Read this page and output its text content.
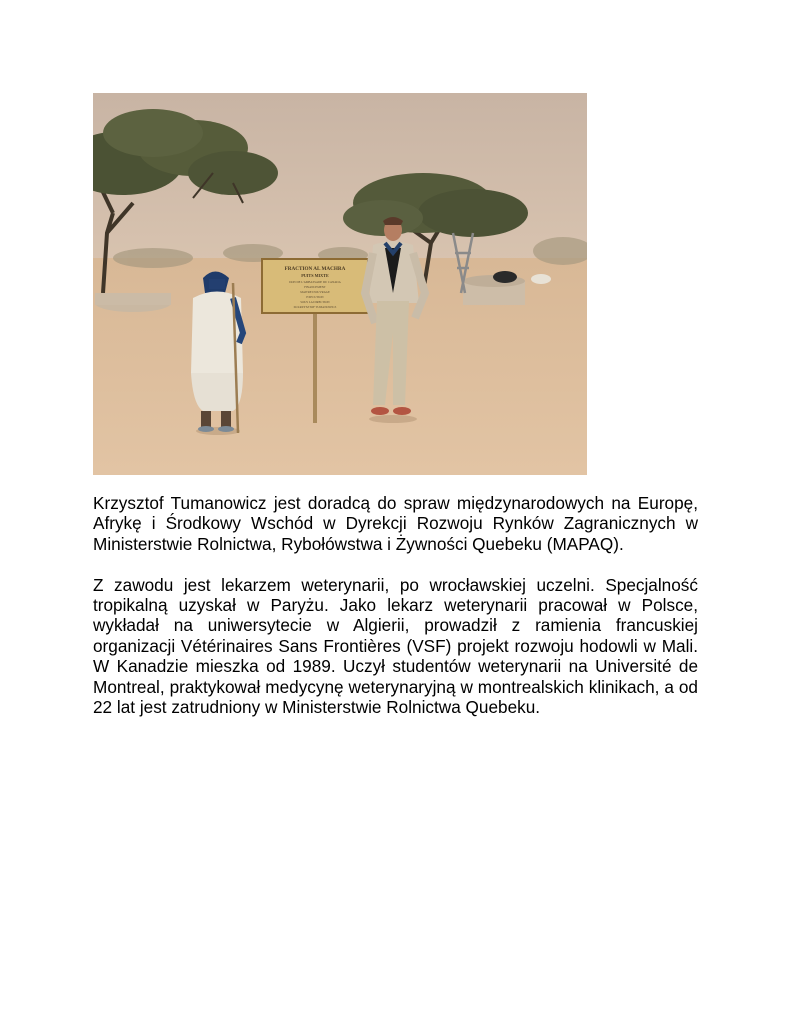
FRACTION AL MACHRA
PUITS MIXTE
DON DE L'AMBASSADE DU CANADA
FINANCEMENT
MAITRE D'OUVRAGE
EXECUTION
SOUS LA DIRECTION
Dr KRZYSZTOF TUMANOWICZ

Krzysztof Tumanowicz jest doradcą do spraw międzynarodowych na Europę, Afrykę i Środkowy Wschód w Dyrekcji Rozwoju Rynków Zagranicznych w Ministerstwie Rolnictwa, Rybołówstwa i Żywności Quebeku (MAPAQ).

Z zawodu jest lekarzem weterynarii, po wrocławskiej uczelni. Specjalność tropikalną uzyskał w Paryżu. Jako lekarz weterynarii pracował w Polsce, wykładał na uniwersytecie w Algierii, prowadził z ramienia francuskiej organizacji Vétérinaires Sans Frontières (VSF) projekt rozwoju hodowli w Mali. W Kanadzie mieszka od 1989. Uczył studentów weterynarii na Université de Montreal, praktykował medycynę weterynaryjną w montrealskich klinikach, a od 22 lat jest zatrudniony w Ministerstwie Rolnictwa Quebeku.
